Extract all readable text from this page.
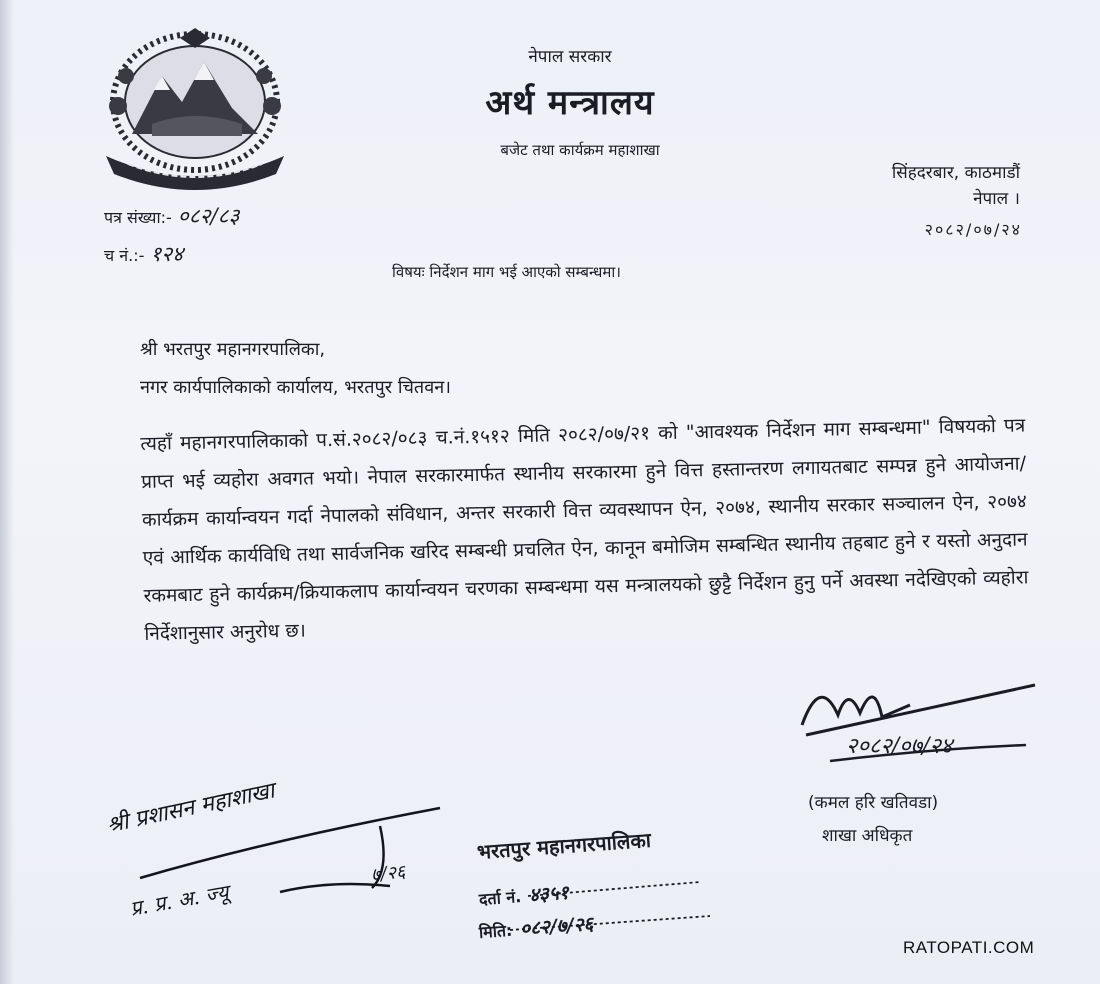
नेपाल सरकार
अर्थ मन्त्रालय
बजेट तथा कार्यक्रम महाशाखा
सिंहदरबार, काठमाडौं
नेपाल ।
२०८२/०७/२४
पत्र संख्या:- ०८२/८३
च नं.:- १२४
विषयः निर्देशन माग भई आएको सम्बन्धमा।
श्री भरतपुर महानगरपालिका,
नगर कार्यपालिकाको कार्यालय, भरतपुर चितवन।
त्यहाँ महानगरपालिकाको प.सं.२०८२/०८३ च.नं.१५१२ मिति २०८२/०७/२१ को "आवश्यक निर्देशन माग सम्बन्धमा" विषयको पत्र प्राप्त भई व्यहोरा अवगत भयो। नेपाल सरकारमार्फत स्थानीय सरकारमा हुने वित्त हस्तान्तरण लगायतबाट सम्पन्न हुने आयोजना/कार्यक्रम कार्यान्वयन गर्दा नेपालको संविधान, अन्तर सरकारी वित्त व्यवस्थापन ऐन, २०७४, स्थानीय सरकार सञ्चालन ऐन, २०७४ एवं आर्थिक कार्यविधि तथा सार्वजनिक खरिद सम्बन्धी प्रचलित ऐन, कानून बमोजिम सम्बन्धित स्थानीय तहबाट हुने र यस्तो अनुदान रकमबाट हुने कार्यक्रम/क्रियाकलाप कार्यान्वयन चरणका सम्बन्धमा यस मन्त्रालयको छुट्टै निर्देशन हुनु पर्ने अवस्था नदेखिएको व्यहोरा निर्देशानुसार अनुरोध छ।
२०८२/०७/२४
(कमल हरि खतिवडा)
शाखा अधिकृत
श्री प्रशासन महाशाखा
प्र. प्र. अ. ज्यू
७/२६
भरतपुर महानगरपालिका
दर्ता नं. ४३५१
मिति: ०८२/७/२६
RATOPATI.COM
